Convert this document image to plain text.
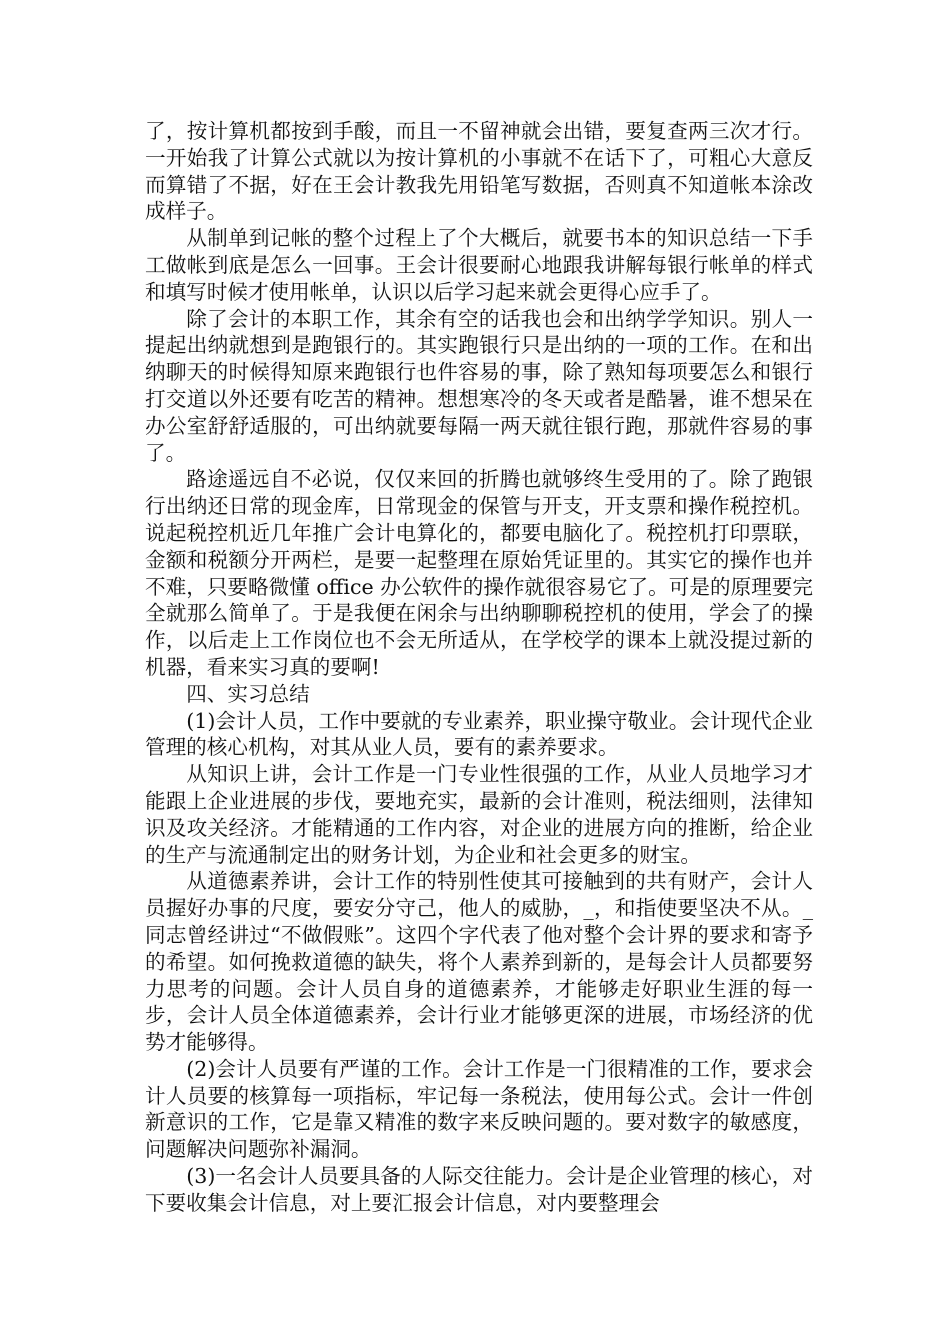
了，按计算机都按到手酸，而且一不留神就会出错，要复查两三次才行。一开始我了计算公式就以为按计算机的小事就不在话下了，可粗心大意反而算错了不据，好在王会计教我先用铅笔写数据，否则真不知道帐本涂改成样子。

从制单到记帐的整个过程上了个大概后，就要书本的知识总结一下手工做帐到底是怎么一回事。王会计很要耐心地跟我讲解每银行帐单的样式和填写时候才使用帐单，认识以后学习起来就会更得心应手了。

除了会计的本职工作，其余有空的话我也会和出纳学学知识。别人一提起出纳就想到是跑银行的。其实跑银行只是出纳的一项的工作。在和出纳聊天的时候得知原来跑银行也件容易的事，除了熟知每项要怎么和银行打交道以外还要有吃苦的精神。想想寒冷的冬天或者是酷暑，谁不想呆在办公室舒舒适服的，可出纳就要每隔一两天就往银行跑，那就件容易的事了。

路途遥远自不必说，仅仅来回的折腾也就够终生受用的了。除了跑银行出纳还日常的现金库，日常现金的保管与开支，开支票和操作税控机。说起税控机近几年推广会计电算化的，都要电脑化了。税控机打印票联，金额和税额分开两栏，是要一起整理在原始凭证里的。其实它的操作也并不难，只要略微懂 office 办公软件的操作就很容易它了。可是的原理要完全就那么简单了。于是我便在闲余与出纳聊聊税控机的使用，学会了的操作，以后走上工作岗位也不会无所适从，在学校学的课本上就没提过新的机器，看来实习真的要啊!

四、实习总结

(1)会计人员，工作中要就的专业素养，职业操守敬业。会计现代企业管理的核心机构，对其从业人员，要有的素养要求。

从知识上讲，会计工作是一门专业性很强的工作，从业人员地学习才能跟上企业进展的步伐，要地充实，最新的会计准则，税法细则，法律知识及攻关经济。才能精通的工作内容，对企业的进展方向的推断，给企业的生产与流通制定出的财务计划，为企业和社会更多的财宝。

从道德素养讲，会计工作的特别性使其可接触到的共有财产，会计人员握好办事的尺度，要安分守己，他人的威胁，_，和指使要坚决不从。_同志曾经讲过“不做假账”。这四个字代表了他对整个会计界的要求和寄予的希望。如何挽救道德的缺失，将个人素养到新的，是每会计人员都要努力思考的问题。会计人员自身的道德素养，才能够走好职业生涯的每一步，会计人员全体道德素养，会计行业才能够更深的进展，市场经济的优势才能够得。

(2)会计人员要有严谨的工作。会计工作是一门很精准的工作，要求会计人员要的核算每一项指标，牢记每一条税法，使用每公式。会计一件创新意识的工作，它是靠又精准的数字来反映问题的。要对数字的敏感度，问题解决问题弥补漏洞。

(3)一名会计人员要具备的人际交往能力。会计是企业管理的核心，对下要收集会计信息，对上要汇报会计信息，对内要整理会
